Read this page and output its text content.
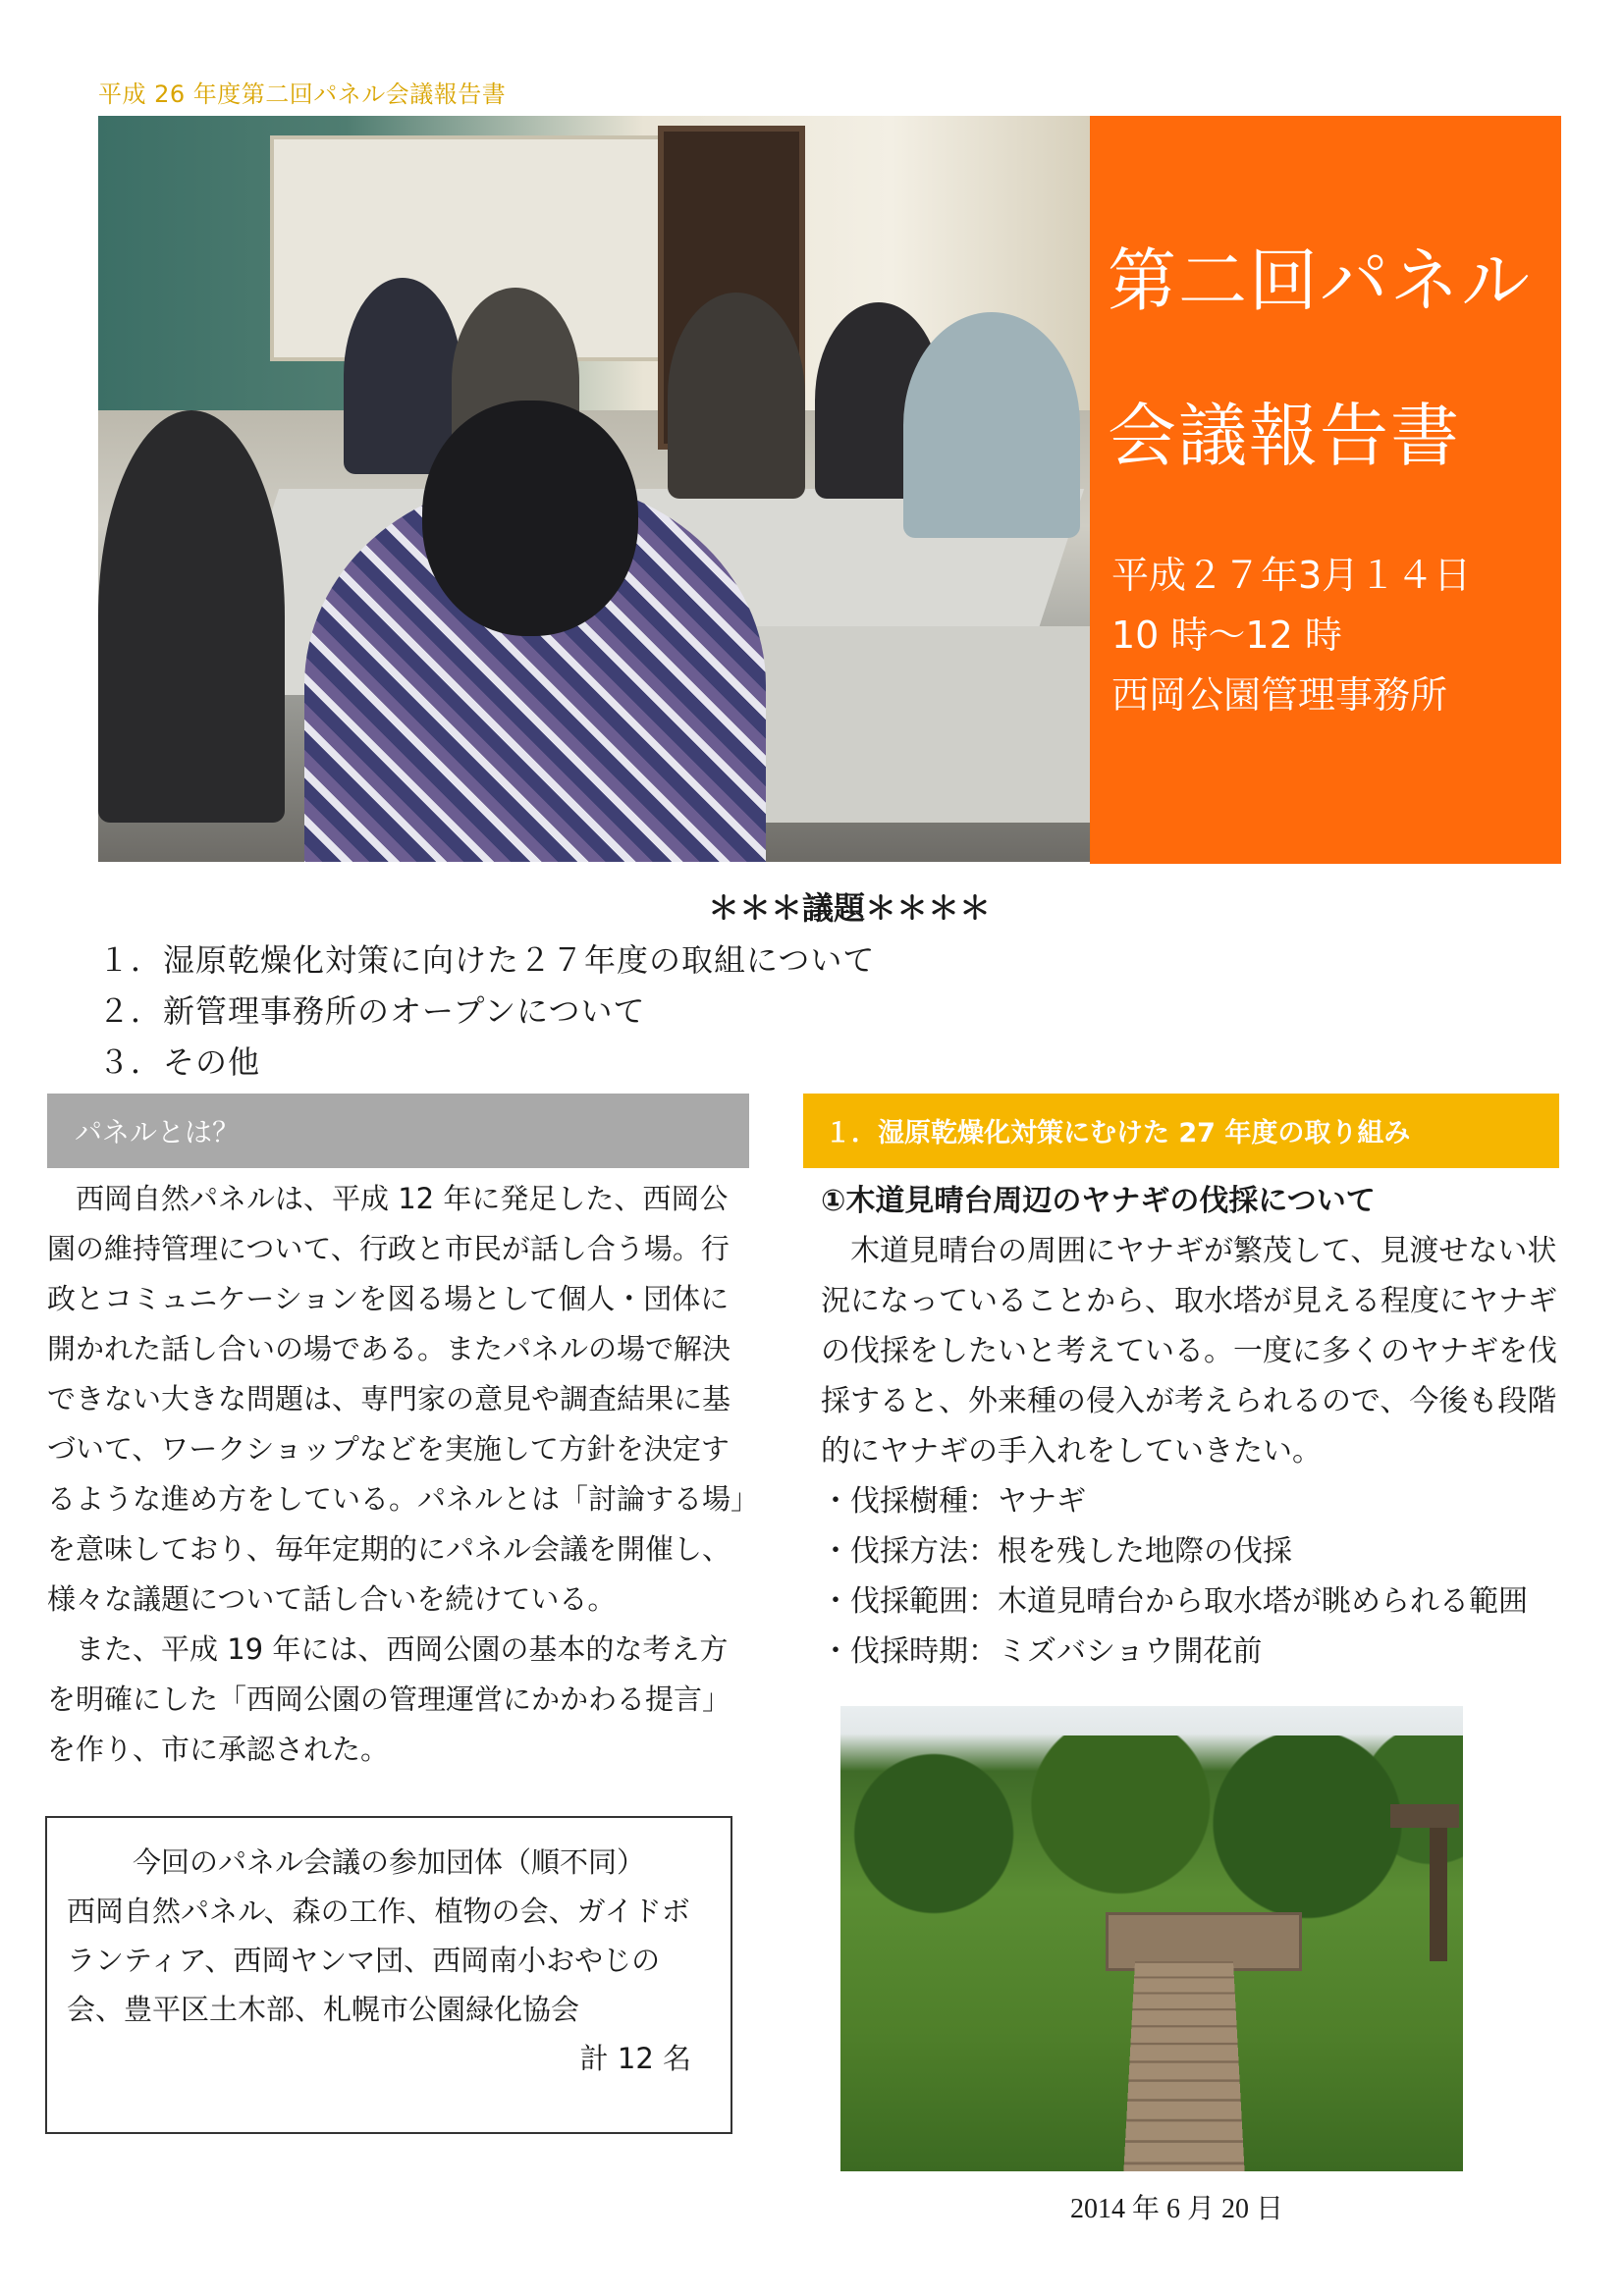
平成 26 年度第二回パネル会議報告書
第二回パネル
会議報告書
平成２７年3月１４日
10 時～12 時
西岡公園管理事務所
＊＊＊議題＊＊＊＊
１．湿原乾燥化対策に向けた２７年度の取組について
２．新管理事務所のオープンについて
３．その他
パネルとは？

西岡自然パネルは、平成 12 年に発足した、西岡公園の維持管理について、行政と市民が話し合う場。行政とコミュニケーションを図る場として個人・団体に開かれた話し合いの場である。またパネルの場で解決できない大きな問題は、専門家の意見や調査結果に基づいて、ワークショップなどを実施して方針を決定するような進め方をしている。パネルとは「討論する場」を意味しており、毎年定期的にパネル会議を開催し、様々な議題について話し合いを続けている。

また、平成 19 年には、西岡公園の基本的な考え方を明確にした「西岡公園の管理運営にかかわる提言」を作り、市に承認された。

今回のパネル会議の参加団体（順不同）
西岡自然パネル、森の工作、植物の会、ガイドボランティア、西岡ヤンマ団、西岡南小おやじの会、豊平区土木部、札幌市公園緑化協会
計 12 名
１．湿原乾燥化対策にむけた 27 年度の取り組み
①木道見晴台周辺のヤナギの伐採について

木道見晴台の周囲にヤナギが繁茂して、見渡せない状況になっていることから、取水塔が見える程度にヤナギの伐採をしたいと考えている。一度に多くのヤナギを伐採すると、外来種の侵入が考えられるので、今後も段階的にヤナギの手入れをしていきたい。

・伐採樹種：ヤナギ
・伐採方法：根を残した地際の伐採
・伐採範囲：木道見晴台から取水塔が眺められる範囲
・伐採時期：ミズバショウ開花前
2014 年 6 月 20 日
